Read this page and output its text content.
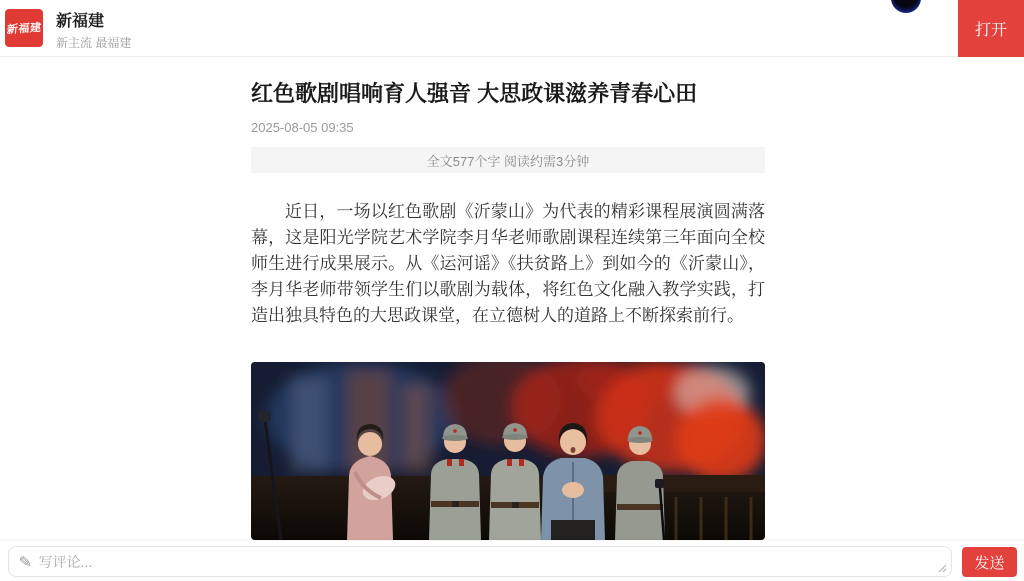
新福建 新福建
新主流 最福建
打开
红色歌剧唱响育人强音 大思政课滋养青春心田
2025-08-05 09:35
全文577个字 阅读约需3分钟

近日，一场以红色歌剧《沂蒙山》为代表的精彩课程展演圆满落幕，这是阳光学院艺术学院李月华老师歌剧课程连续第三年面向全校师生进行成果展示。从《运河谣》《扶贫路上》到如今的《沂蒙山》，李月华老师带领学生们以歌剧为载体，将红色文化融入教学实践，打造出独具特色的大思政课堂，在立德树人的道路上不断探索前行。

✎
写评论...	发送
